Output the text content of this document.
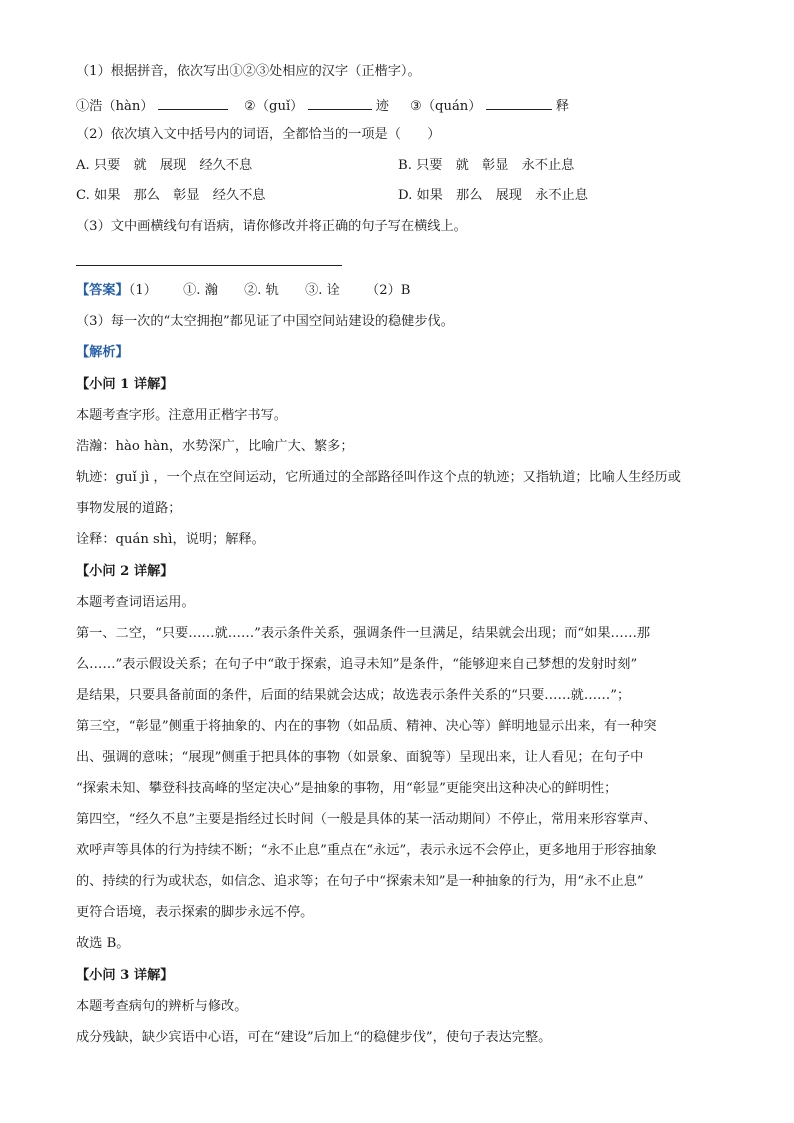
（1）根据拼音，依次写出①②③处相应的汉字（正楷字）。
①浩（hàn）	②（guǐ）	迹 ③（quán）	释
（2）依次填入文中括号内的词语，全都恰当的一项是（　　）
A. 只要　就　展现　经久不息	B. 只要　就　彰显　永不止息
C. 如果　那么　彰显　经久不息	D. 如果　那么　展现　永不止息
（3）文中画横线句有语病，请你修改并将正确的句子写在横线上。
【答案】（1） ①. 瀚 ②. 轨 ③. 诠 （2）B
（3）每一次的“太空拥抱”都见证了中国空间站建设的稳健步伐。
【解析】
【小问 1 详解】
本题考查字形。注意用正楷字书写。
浩瀚：hào hàn，水势深广，比喻广大、繁多；
轨迹：guǐ jì ，一个点在空间运动，它所通过的全部路径叫作这个点的轨迹；又指轨道；比喻人生经历或
事物发展的道路；
诠释：quán shì，说明；解释。
【小问 2 详解】
本题考查词语运用。
第一、二空，“只要……就……”表示条件关系，强调条件一旦满足，结果就会出现；而“如果……那
么……”表示假设关系；在句子中“敢于探索，追寻未知”是条件，“能够迎来自己梦想的发射时刻”
是结果，只要具备前面的条件，后面的结果就会达成；故选表示条件关系的“只要……就……”；
第三空，“彰显”侧重于将抽象的、内在的事物（如品质、精神、决心等）鲜明地显示出来，有一种突
出、强调的意味；“展现”侧重于把具体的事物（如景象、面貌等）呈现出来，让人看见；在句子中
“探索未知、攀登科技高峰的坚定决心”是抽象的事物，用“彰显”更能突出这种决心的鲜明性；
第四空，“经久不息”主要是指经过长时间（一般是具体的某一活动期间）不停止，常用来形容掌声、
欢呼声等具体的行为持续不断；“永不止息”重点在“永远”，表示永远不会停止，更多地用于形容抽象
的、持续的行为或状态，如信念、追求等；在句子中“探索未知”是一种抽象的行为，用“永不止息”
更符合语境，表示探索的脚步永远不停。
故选 B。
【小问 3 详解】
本题考查病句的辨析与修改。
成分残缺，缺少宾语中心语，可在“建设”后加上“的稳健步伐”，使句子表达完整。
